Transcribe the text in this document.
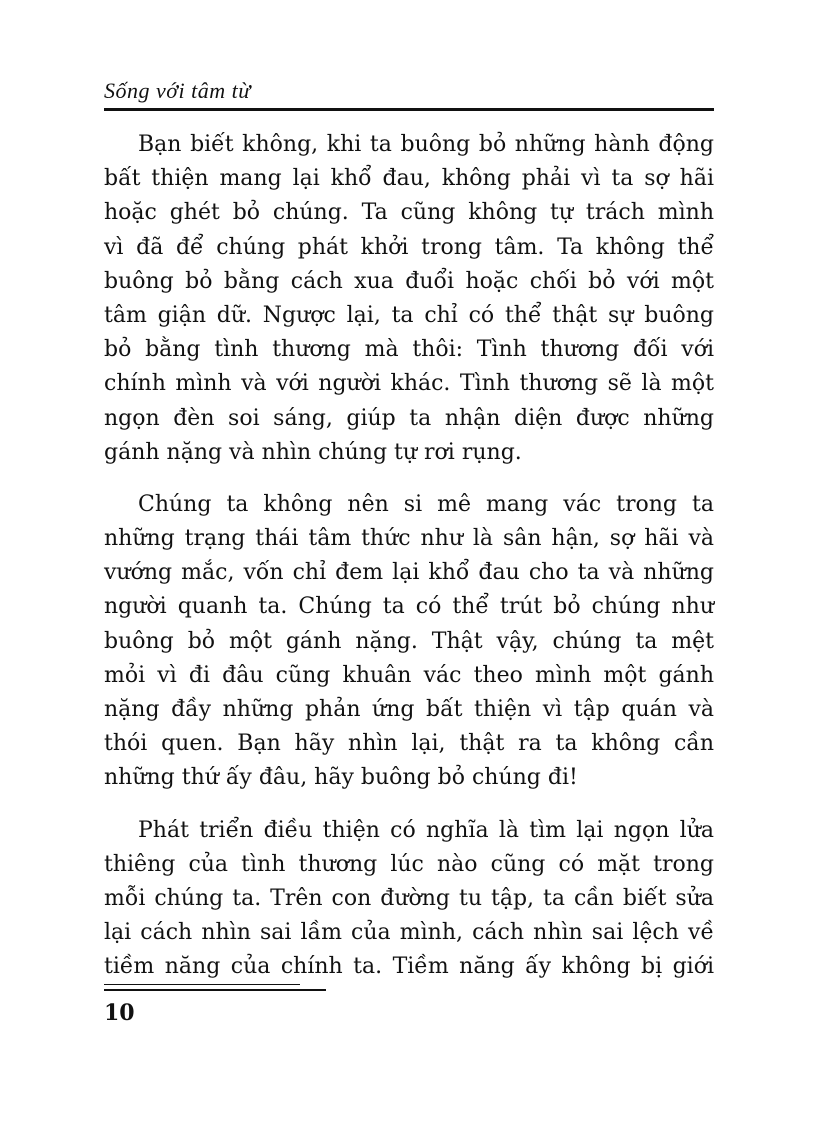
Sống với tâm từ
Bạn biết không, khi ta buông bỏ những hành động
bất thiện mang lại khổ đau, không phải vì ta sợ hãi
hoặc ghét bỏ chúng. Ta cũng không tự trách mình
vì đã để chúng phát khởi trong tâm. Ta không thể
buông bỏ bằng cách xua đuổi hoặc chối bỏ với một
tâm giận dữ. Ngược lại, ta chỉ có thể thật sự buông
bỏ bằng tình thương mà thôi: Tình thương đối với
chính mình và với người khác. Tình thương sẽ là một
ngọn đèn soi sáng, giúp ta nhận diện được những
gánh nặng và nhìn chúng tự rơi rụng.
Chúng ta không nên si mê mang vác trong ta
những trạng thái tâm thức như là sân hận, sợ hãi và
vướng mắc, vốn chỉ đem lại khổ đau cho ta và những
người quanh ta. Chúng ta có thể trút bỏ chúng như
buông bỏ một gánh nặng. Thật vậy, chúng ta mệt
mỏi vì đi đâu cũng khuân vác theo mình một gánh
nặng đầy những phản ứng bất thiện vì tập quán và
thói quen. Bạn hãy nhìn lại, thật ra ta không cần
những thứ ấy đâu, hãy buông bỏ chúng đi!
Phát triển điều thiện có nghĩa là tìm lại ngọn lửa
thiêng của tình thương lúc nào cũng có mặt trong
mỗi chúng ta. Trên con đường tu tập, ta cần biết sửa
lại cách nhìn sai lầm của mình, cách nhìn sai lệch về
tiềm năng của chính ta. Tiềm năng ấy không bị giới
10
